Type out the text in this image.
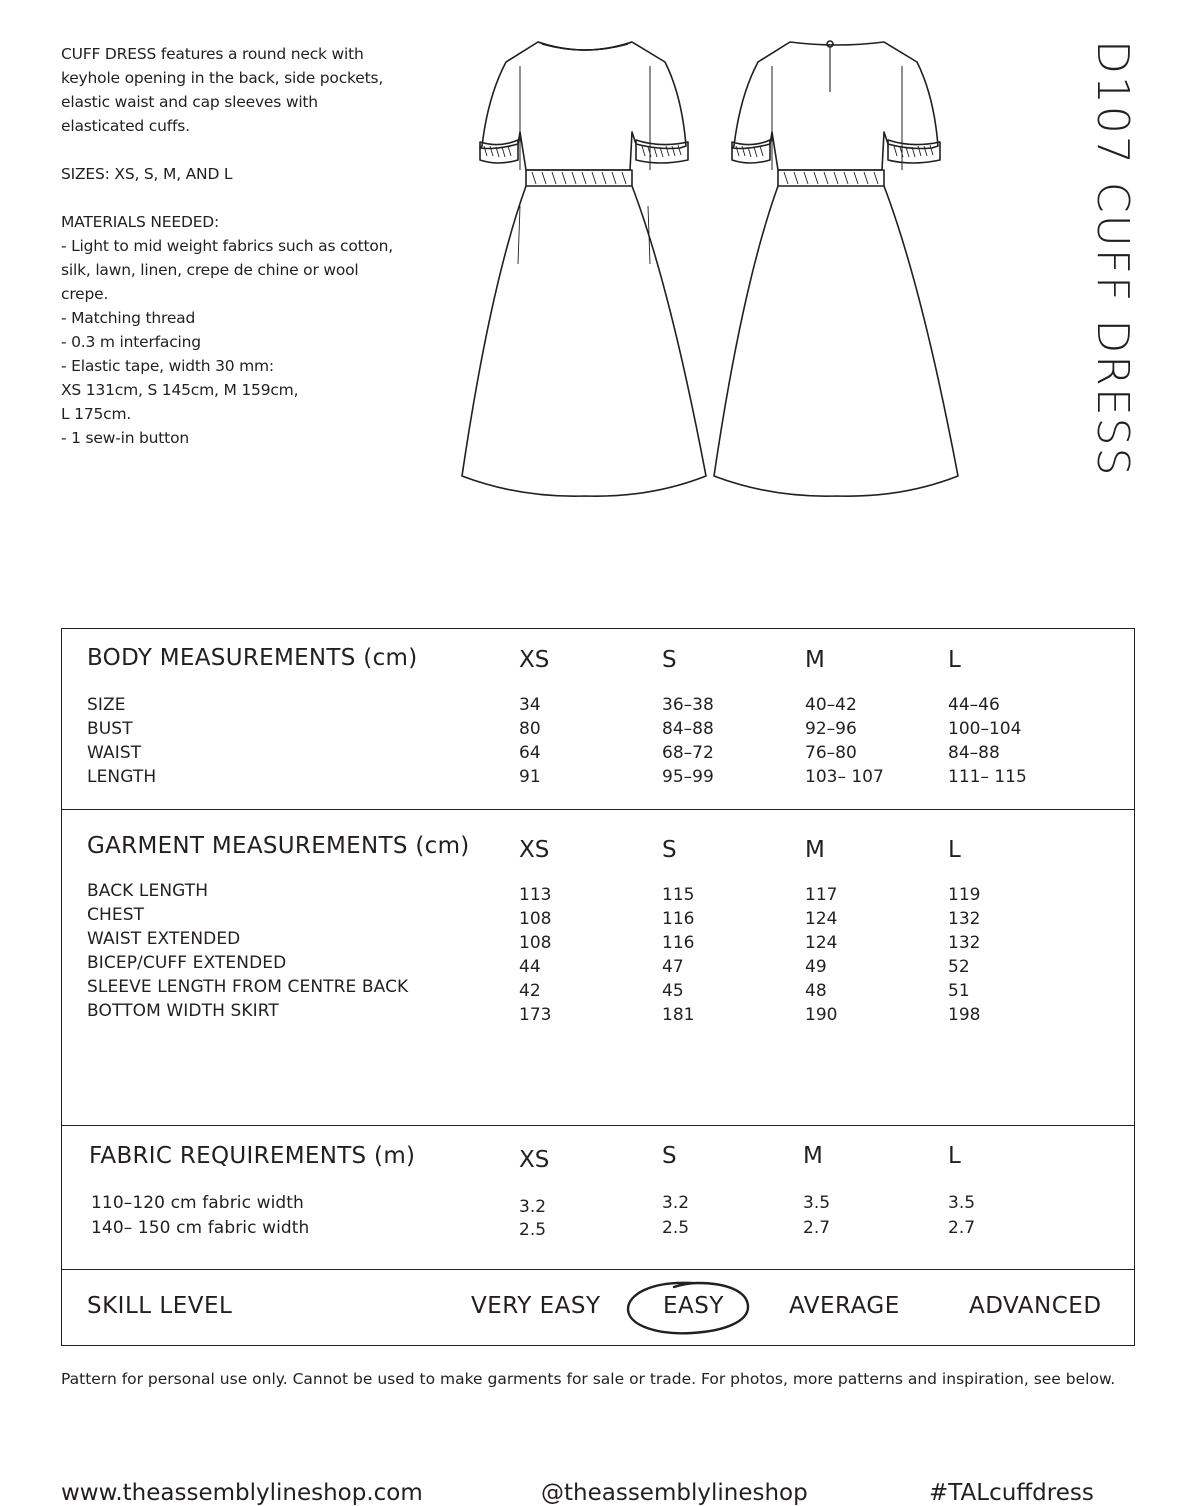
CUFF DRESS features a round neck with
keyhole opening in the back, side pockets,
elastic waist and cap sleeves with
elasticated cuffs.

SIZES: XS, S, M, AND L

MATERIALS NEEDED:
- Light to mid weight fabrics such as cotton,
silk, lawn, linen, crepe de chine or wool
crepe.
- Matching thread
- 0.3 m interfacing
- Elastic tape, width 30 mm:
XS 131cm, S 145cm, M 159cm,
L 175cm.
- 1 sew-in button	D107 CUFF DRESS
BODY MEASUREMENTS (cm)	XS	S	M	L
SIZE	34	36–38	40–42	44–46
BUST	80	84–88	92–96	100–104
WAIST	64	68–72	76–80	84–88
LENGTH	91	95–99	103– 107	111– 115
GARMENT MEASUREMENTS (cm) XS	S	M	L
BACK LENGTH	113	115	117	119
CHEST	108	116	124	132
WAIST EXTENDED	108	116	124	132
BICEP/CUFF EXTENDED	44	47	49	52
SLEEVE LENGTH FROM CENTRE BACK	42	45	48	51
BOTTOM WIDTH SKIRT	173	181	190	198
FABRIC REQUIREMENTS (m)	XS	S	M	L
110–120 cm fabric width	3.2	3.2	3.5	3.5
140– 150 cm fabric width	2.5	2.5	2.7	2.7
SKILL LEVEL	VERY EASY	EASY	AVERAGE	ADVANCED
Pattern for personal use only. Cannot be used to make garments for sale or trade. For photos, more patterns and inspiration, see below.
www.theassemblylineshop.com	@theassemblylineshop	#TALcuffdress
